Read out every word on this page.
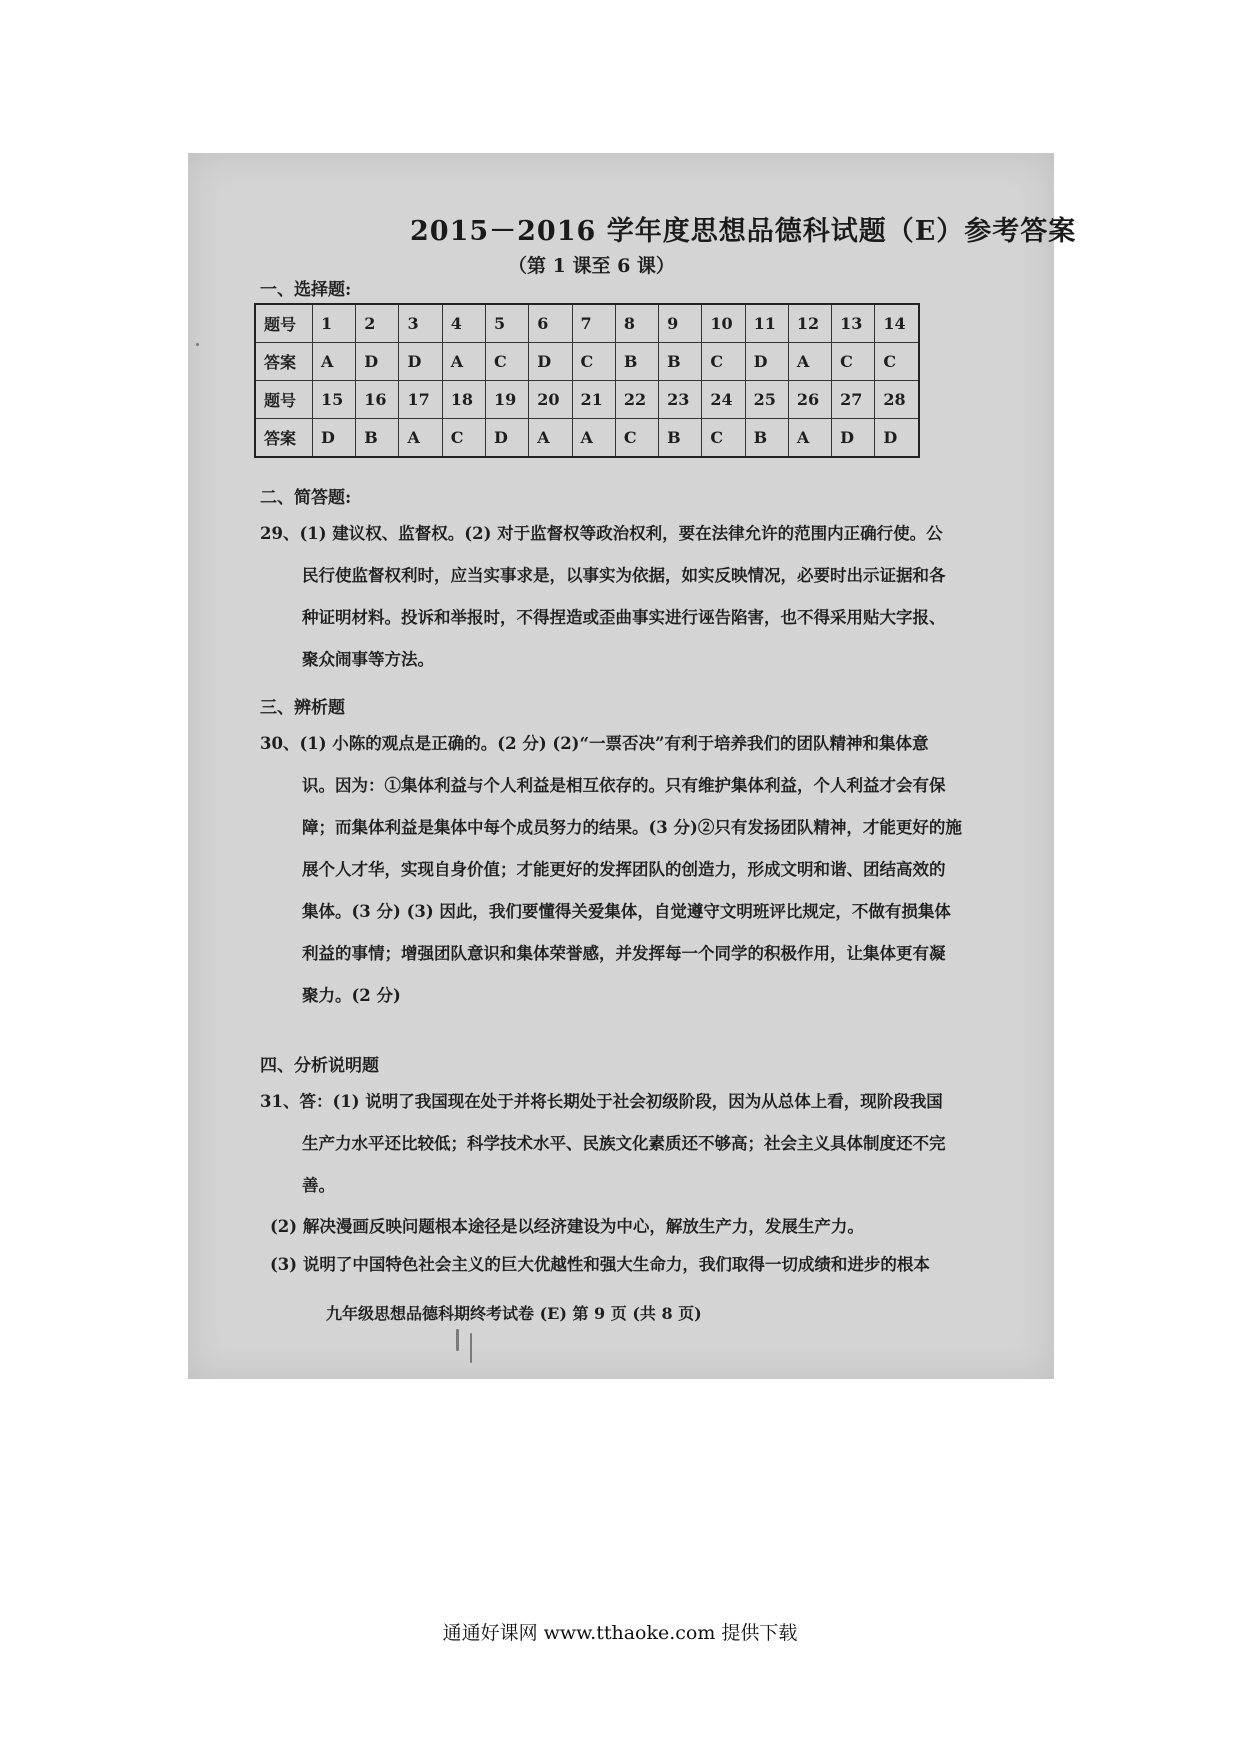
2015－2016 学年度思想品德科试题（E）参考答案
（第 1 课至 6 课）
一、选择题:
题号	1	2	3	4	5	6	7	8	9	10	11	12	13	14
答案	A	D	D	A	C	D	C	B	B	C	D	A	C	C
题号	15	16	17	18	19	20	21	22	23	24	25	26	27	28
答案	D	B	A	C	D	A	A	C	B	C	B	A	D	D
二、简答题:
29、(1) 建议权、监督权。(2) 对于监督权等政治权利，要在法律允许的范围内正确行使。公
民行使监督权利时，应当实事求是，以事实为依据，如实反映情况，必要时出示证据和各
种证明材料。投诉和举报时，不得捏造或歪曲事实进行诬告陷害，也不得采用贴大字报、
聚众闹事等方法。
三、辨析题
30、(1) 小陈的观点是正确的。(2 分) (2)“一票否决”有利于培养我们的团队精神和集体意
识。因为：①集体利益与个人利益是相互依存的。只有维护集体利益，个人利益才会有保
障；而集体利益是集体中每个成员努力的结果。(3 分)②只有发扬团队精神，才能更好的施
展个人才华，实现自身价值；才能更好的发挥团队的创造力，形成文明和谐、团结高效的
集体。(3 分) (3) 因此，我们要懂得关爱集体，自觉遵守文明班评比规定，不做有损集体
利益的事情；增强团队意识和集体荣誉感，并发挥每一个同学的积极作用，让集体更有凝
聚力。(2 分)
四、分析说明题
31、答：(1) 说明了我国现在处于并将长期处于社会初级阶段，因为从总体上看，现阶段我国
生产力水平还比较低；科学技术水平、民族文化素质还不够高；社会主义具体制度还不完
善。
(2) 解决漫画反映问题根本途径是以经济建设为中心，解放生产力，发展生产力。
(3) 说明了中国特色社会主义的巨大优越性和强大生命力，我们取得一切成绩和进步的根本
九年级思想品德科期终考试卷 (E) 第 9 页 (共 8 页)
通通好课网 www.tthaoke.com 提供下载
